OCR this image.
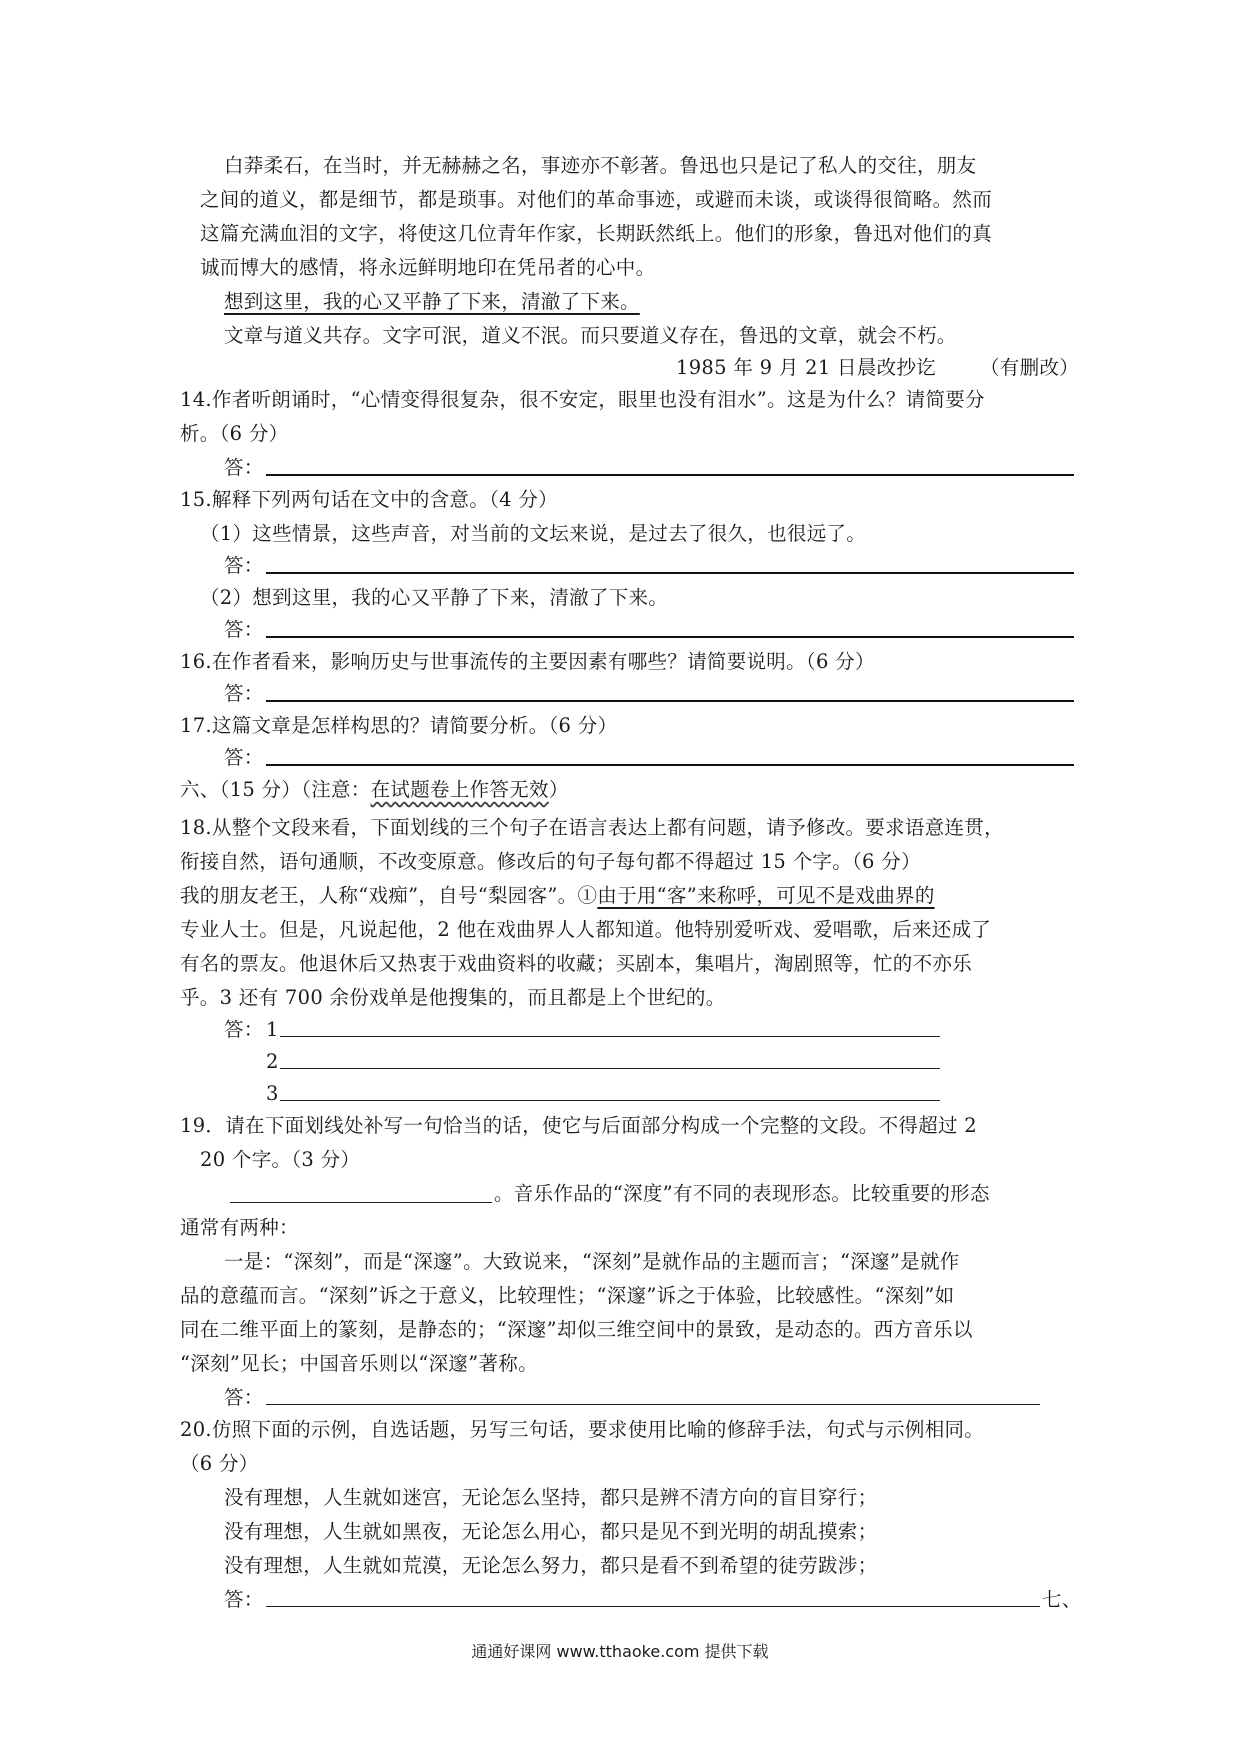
白莽柔石，在当时，并无赫赫之名，事迹亦不彰著。鲁迅也只是记了私人的交往，朋友
之间的道义，都是细节，都是琐事。对他们的革命事迹，或避而未谈，或谈得很简略。然而
这篇充满血泪的文字，将使这几位青年作家，长期跃然纸上。他们的形象，鲁迅对他们的真
诚而博大的感情，将永远鲜明地印在凭吊者的心中。
想到这里，我的心又平静了下来，清澈了下来。
文章与道义共存。文字可泯，道义不泯。而只要道义存在，鲁迅的文章，就会不朽。
1985 年 9 月 21 日晨改抄讫 （有删改）
14.作者听朗诵时，“心情变得很复杂，很不安定，眼里也没有泪水”。这是为什么？请简要分
析。（6 分）
答：
15.解释下列两句话在文中的含意。（4 分）
（1）这些情景，这些声音，对当前的文坛来说，是过去了很久，也很远了。
答：
（2）想到这里，我的心又平静了下来，清澈了下来。
答：
16.在作者看来，影响历史与世事流传的主要因素有哪些？请简要说明。（6 分）
答：
17.这篇文章是怎样构思的？请简要分析。（6 分）
答：
六、（15 分）（注意：在试题卷上作答无效）
18.从整个文段来看，下面划线的三个句子在语言表达上都有问题，请予修改。要求语意连贯，
衔接自然，语句通顺，不改变原意。修改后的句子每句都不得超过 15 个字。（6 分）
我的朋友老王，人称“戏痴”，自号“梨园客”。①由于用“客”来称呼，可见不是戏曲界的
专业人士。但是，凡说起他，2 他在戏曲界人人都知道。他特别爱听戏、爱唱歌，后来还成了
有名的票友。他退休后又热衷于戏曲资料的收藏；买剧本，集唱片，淘剧照等，忙的不亦乐
乎。3 还有 700 余份戏单是他搜集的，而且都是上个世纪的。
答： 1
2
3
19．请在下面划线处补写一句恰当的话，使它与后面部分构成一个完整的文段。不得超过 2
20 个字。（3 分）
。音乐作品的“深度”有不同的表现形态。比较重要的形态
通常有两种：
一是：“深刻”，而是“深邃”。大致说来，“深刻”是就作品的主题而言；“深邃”是就作
品的意蕴而言。“深刻”诉之于意义，比较理性；“深邃”诉之于体验，比较感性。“深刻”如
同在二维平面上的篆刻，是静态的；“深邃”却似三维空间中的景致，是动态的。西方音乐以
“深刻”见长；中国音乐则以“深邃”著称。
答：
20.仿照下面的示例，自选话题，另写三句话，要求使用比喻的修辞手法，句式与示例相同。
（6 分）
没有理想，人生就如迷宫，无论怎么坚持，都只是辨不清方向的盲目穿行；
没有理想，人生就如黑夜，无论怎么用心，都只是见不到光明的胡乱摸索；
没有理想，人生就如荒漠，无论怎么努力，都只是看不到希望的徒劳跋涉；
答：	七、
通通好课网 www.tthaoke.com 提供下载
